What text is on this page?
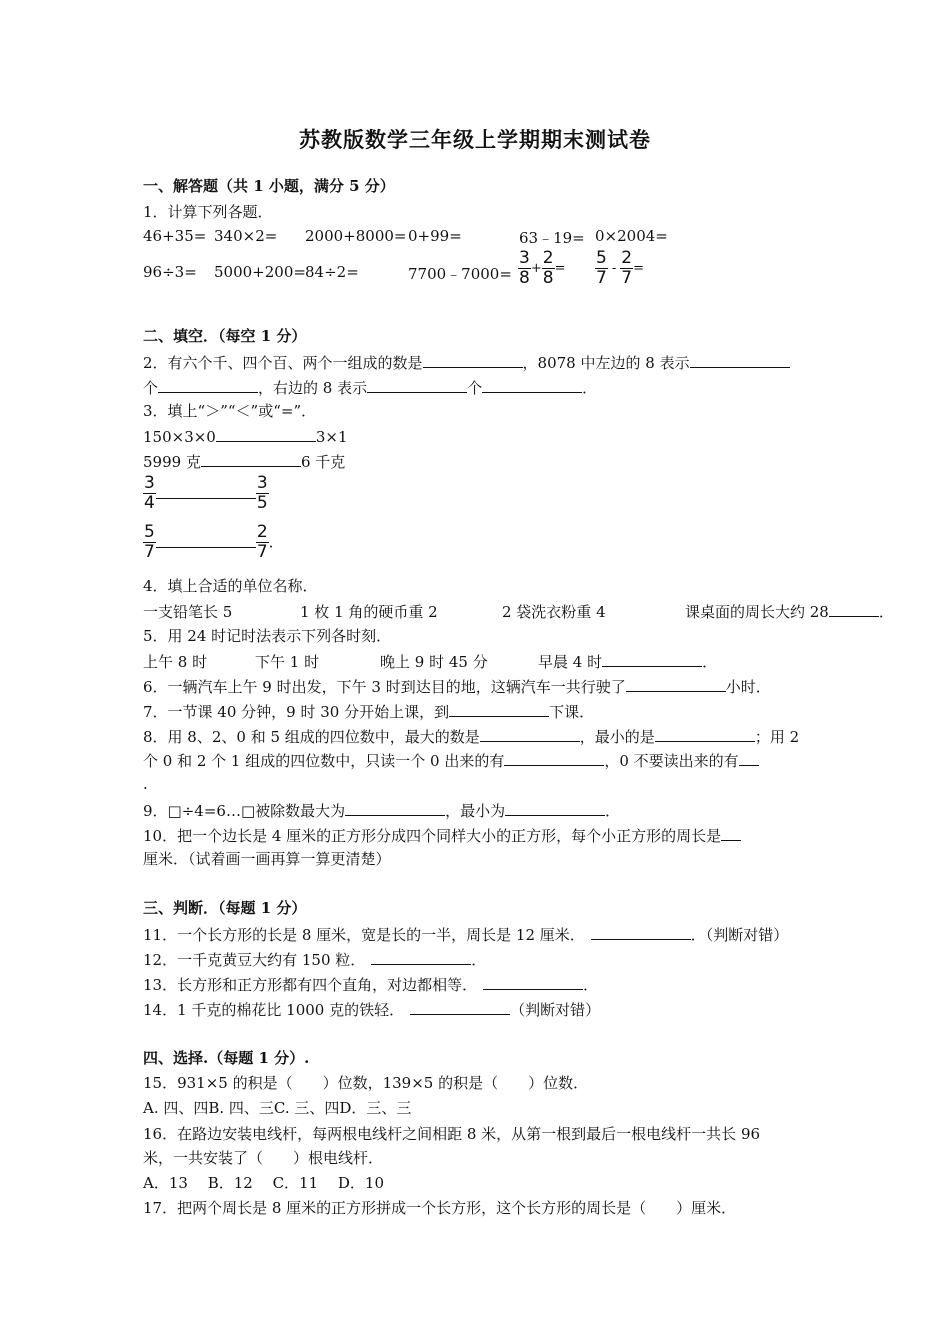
苏教版数学三年级上学期期末测试卷
一、解答题（共 1 小题，满分 5 分）
1．计算下列各题．
46+35= 340×2= 2000+8000= 0+99=	63﹣19= 0×2004=
96÷3= 5000+200= 84÷2=	7700﹣7000= $\frac{3}{8} + \frac{2}{8} = \frac{5}{7} - \frac{2}{7}$ =
二、填空．（每空 1 分）
2．有六个千、四个百、两个一组成的数是	，8078 中左边的 8 表示
个	，右边的 8 表示	个	．
3．填上“＞”“＜”或“=”．
150×3×0	3×1
5999 克	6 千克
$\frac{3}{4}$	$\frac{3}{5}$
$\frac{5}{7}$	$\frac{2}{7}$ .
4．填上合适的单位名称．
一支铅笔长 5	1 枚 1 角的硬币重 2	2 袋洗衣粉重 4	课桌面的周长大约 28	．
5．用 24 时记时法表示下列各时刻．
上午 8 时	下午 1 时	晚上 9 时 45 分	早晨 4 时	．
6．一辆汽车上午 9 时出发，下午 3 时到达目的地，这辆汽车一共行驶了	小时．
7．一节课 40 分钟，9 时 30 分开始上课，到	下课．
8．用 8、2、0 和 5 组成的四位数中，最大的数是	，最小的是	；用 2
个 0 和 2 个 1 组成的四位数中，只读一个 0 出来的有	，0 不要读出来的有
.
9．□÷4=6…□被除数最大为	，最小为	．
10．把一个边长是 4 厘米的正方形分成四个同样大小的正方形，每个小正方形的周长是
厘米．（试着画一画再算一算更清楚）
三、判断．（每题 1 分）
11．一个长方形的长是 8 厘米，宽是长的一半，周长是 12 厘米．	．（判断对错）
12．一千克黄豆大约有 150 粒．	．
13．长方形和正方形都有四个直角，对边都相等．	．
14．1 千克的棉花比 1000 克的铁轻．	（判断对错）
四、选择.（每题 1 分）.
15．931×5 的积是（　　）位数，139×5 的积是（　　）位数．
A. 四、四B. 四、三C. 三、四D．三、三
16．在路边安装电线杆，每两根电线杆之间相距 8 米，从第一根到最后一根电线杆一共长 96
米，一共安装了（　　）根电线杆．
A．13　 B．12　 C．11　 D．10
17．把两个周长是 8 厘米的正方形拼成一个长方形，这个长方形的周长是（　　）厘米．
